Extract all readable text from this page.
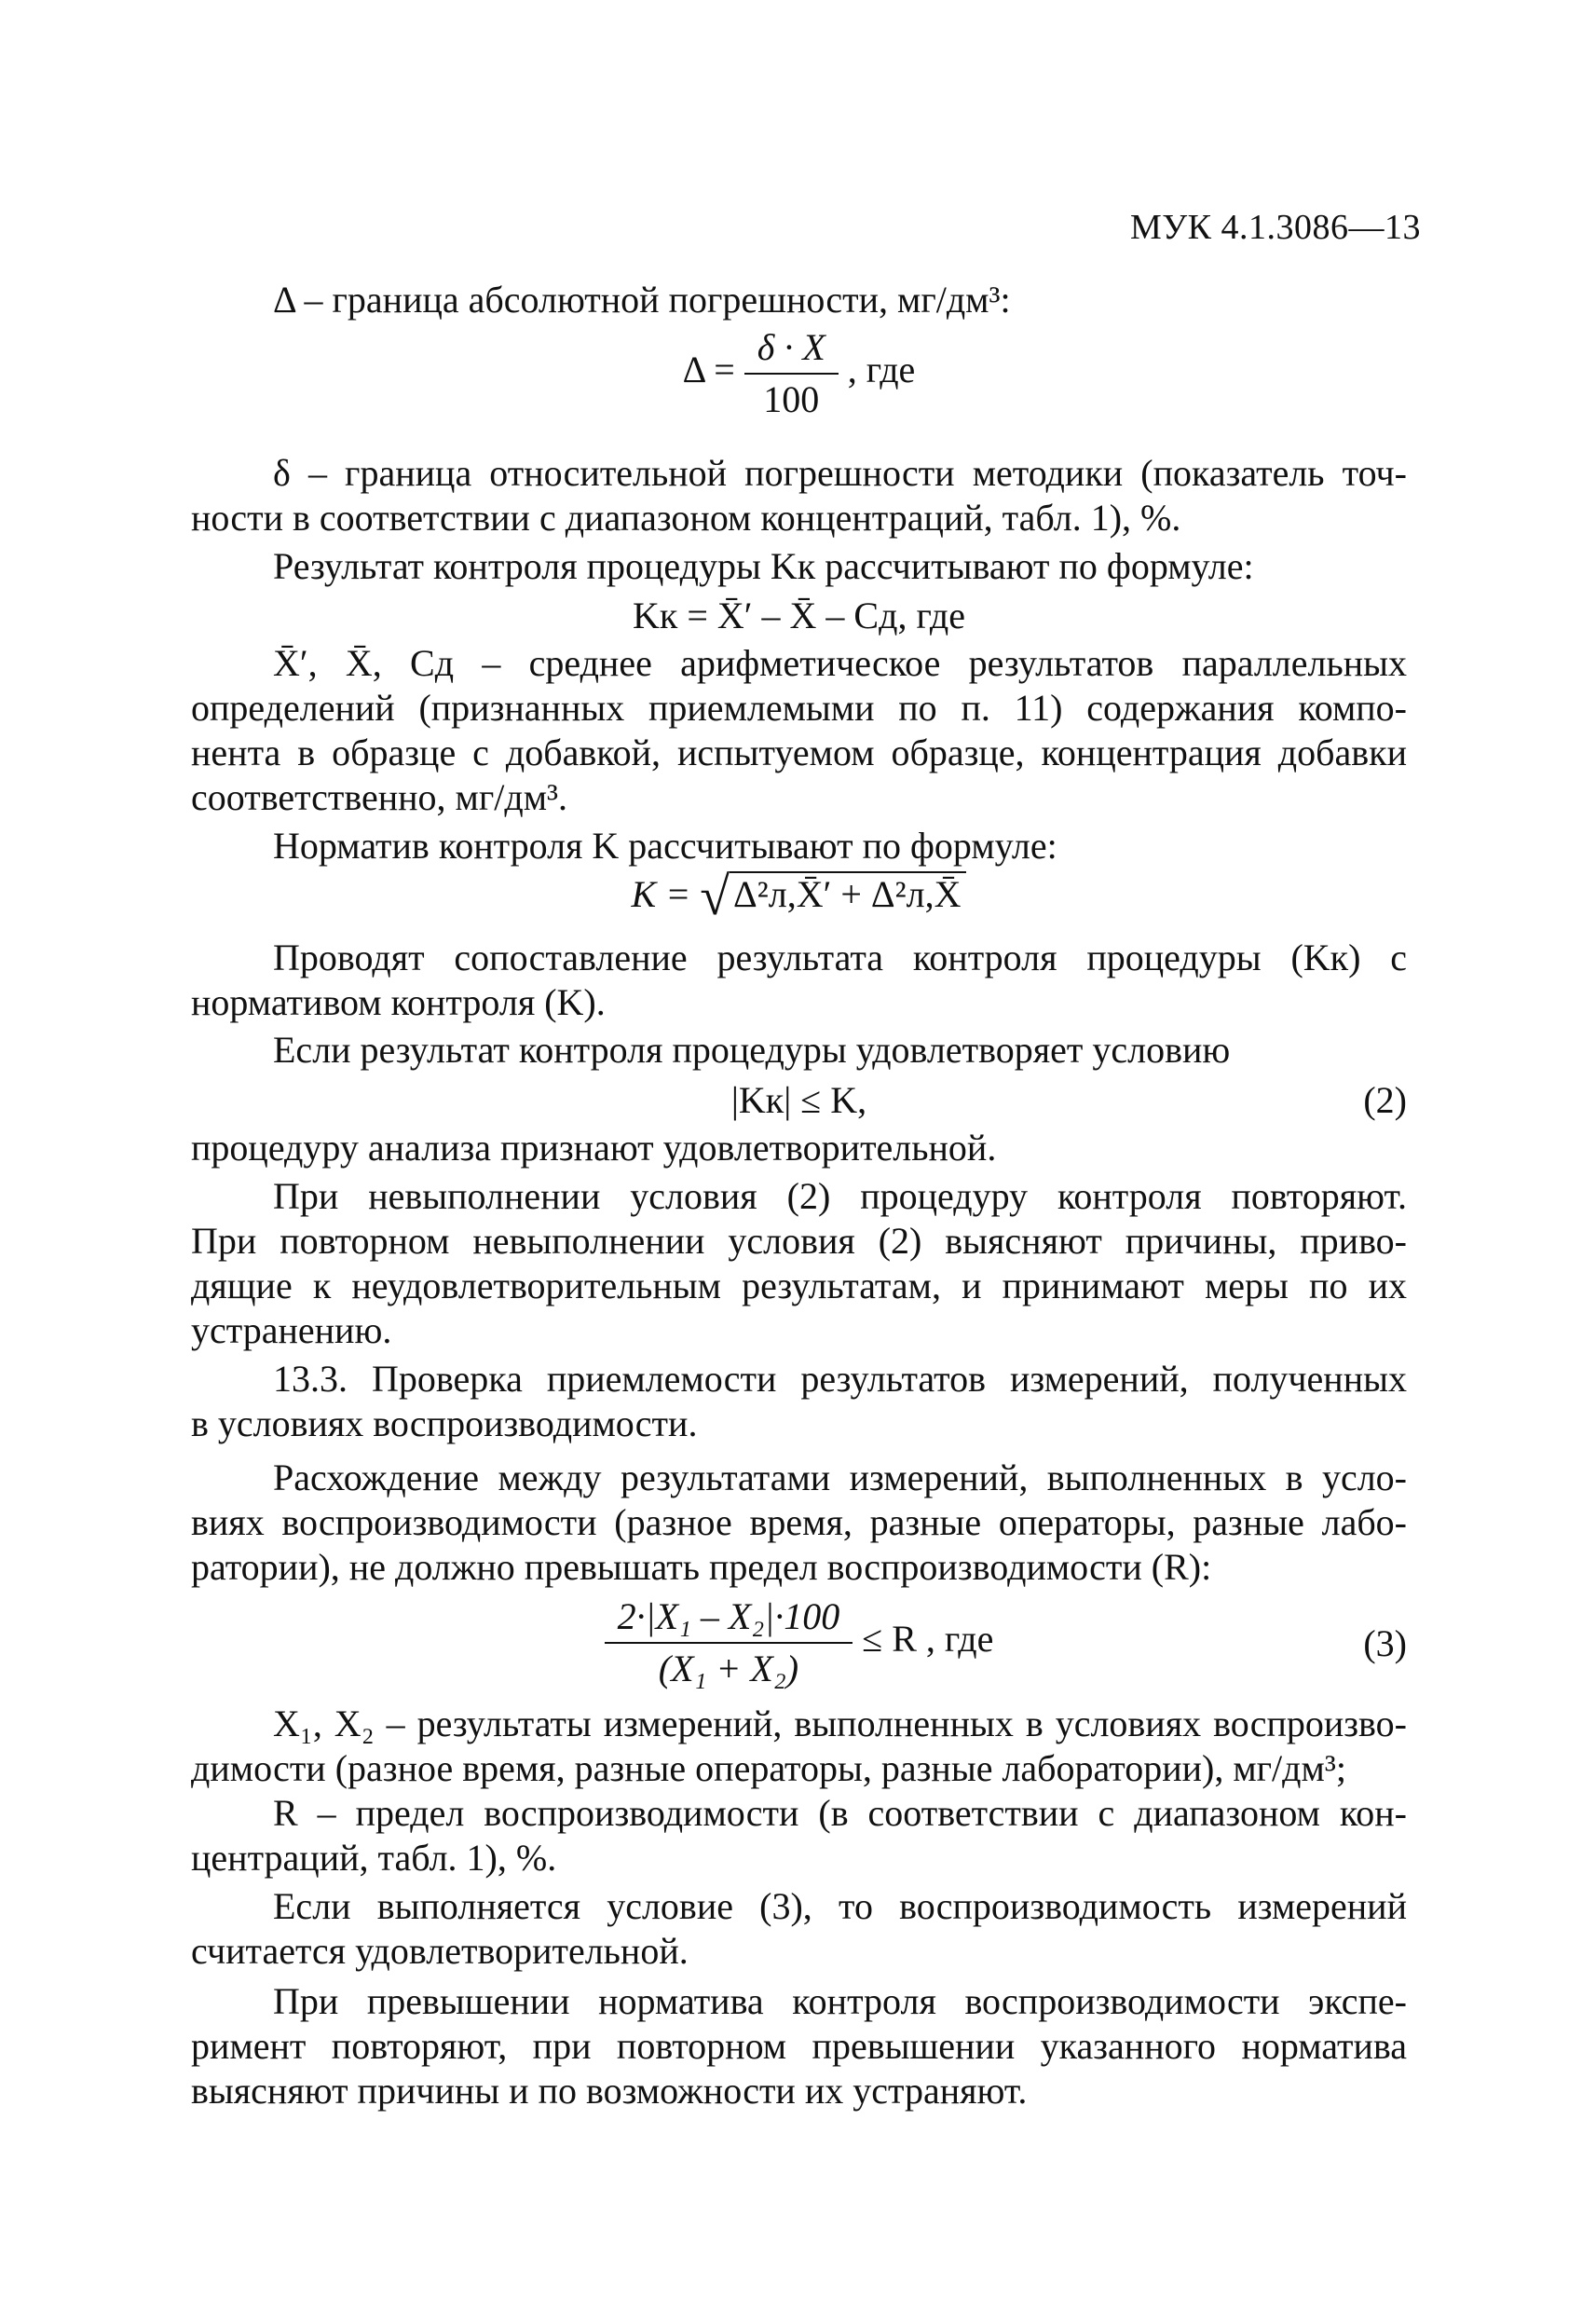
МУК 4.1.3086—13
Δ – граница абсолютной погрешности, мг/дм³:
$\Delta = \frac{\delta \cdot X}{100}$ , где
δ – граница относительной погрешности методики (показатель точ-
ности в соответствии с диапазоном концентраций, табл. 1), %.
Результат контроля процедуры Kк рассчитывают по формуле:
Kк = X̄′ – X̄ – Cд, где
X̄′, X̄, Cд – среднее арифметическое результатов параллельных
определений (признанных приемлемыми по п. 11) содержания компо-
нента в образце с добавкой, испытуемом образце, концентрация добавки
соответственно, мг/дм³.
Норматив контроля K рассчитывают по формуле:
K = √ Δ²л,X̄′ + Δ²л,X̄
Проводят сопоставление результата контроля процедуры (Kк) с
нормативом контроля (K).
Если результат контроля процедуры удовлетворяет условию
|Kк| ≤ K,	(2)
процедуру анализа признают удовлетворительной.
При невыполнении условия (2) процедуру контроля повторяют.
При повторном невыполнении условия (2) выясняют причины, приво-
дящие к неудовлетворительным результатам, и принимают меры по их
устранению.
13.3. Проверка приемлемости результатов измерений, полученных
в условиях воспроизводимости.
Расхождение между результатами измерений, выполненных в усло-
виях воспроизводимости (разное время, разные операторы, разные лабо-
ратории), не должно превышать предел воспроизводимости (R):
$\frac{\text{2·|X₁ – X₂|·100}}{\text{(X₁ + X₂)}} \le R$ , где	(3)
X₁, X₂ – результаты измерений, выполненных в условиях воспроизво-
димости (разное время, разные операторы, разные лаборатории), мг/дм³;
R – предел воспроизводимости (в соответствии с диапазоном кон-
центраций, табл. 1), %.
Если выполняется условие (3), то воспроизводимость измерений
считается удовлетворительной.
При превышении норматива контроля воспроизводимости экспе-
римент повторяют, при повторном превышении указанного норматива
выясняют причины и по возможности их устраняют.
